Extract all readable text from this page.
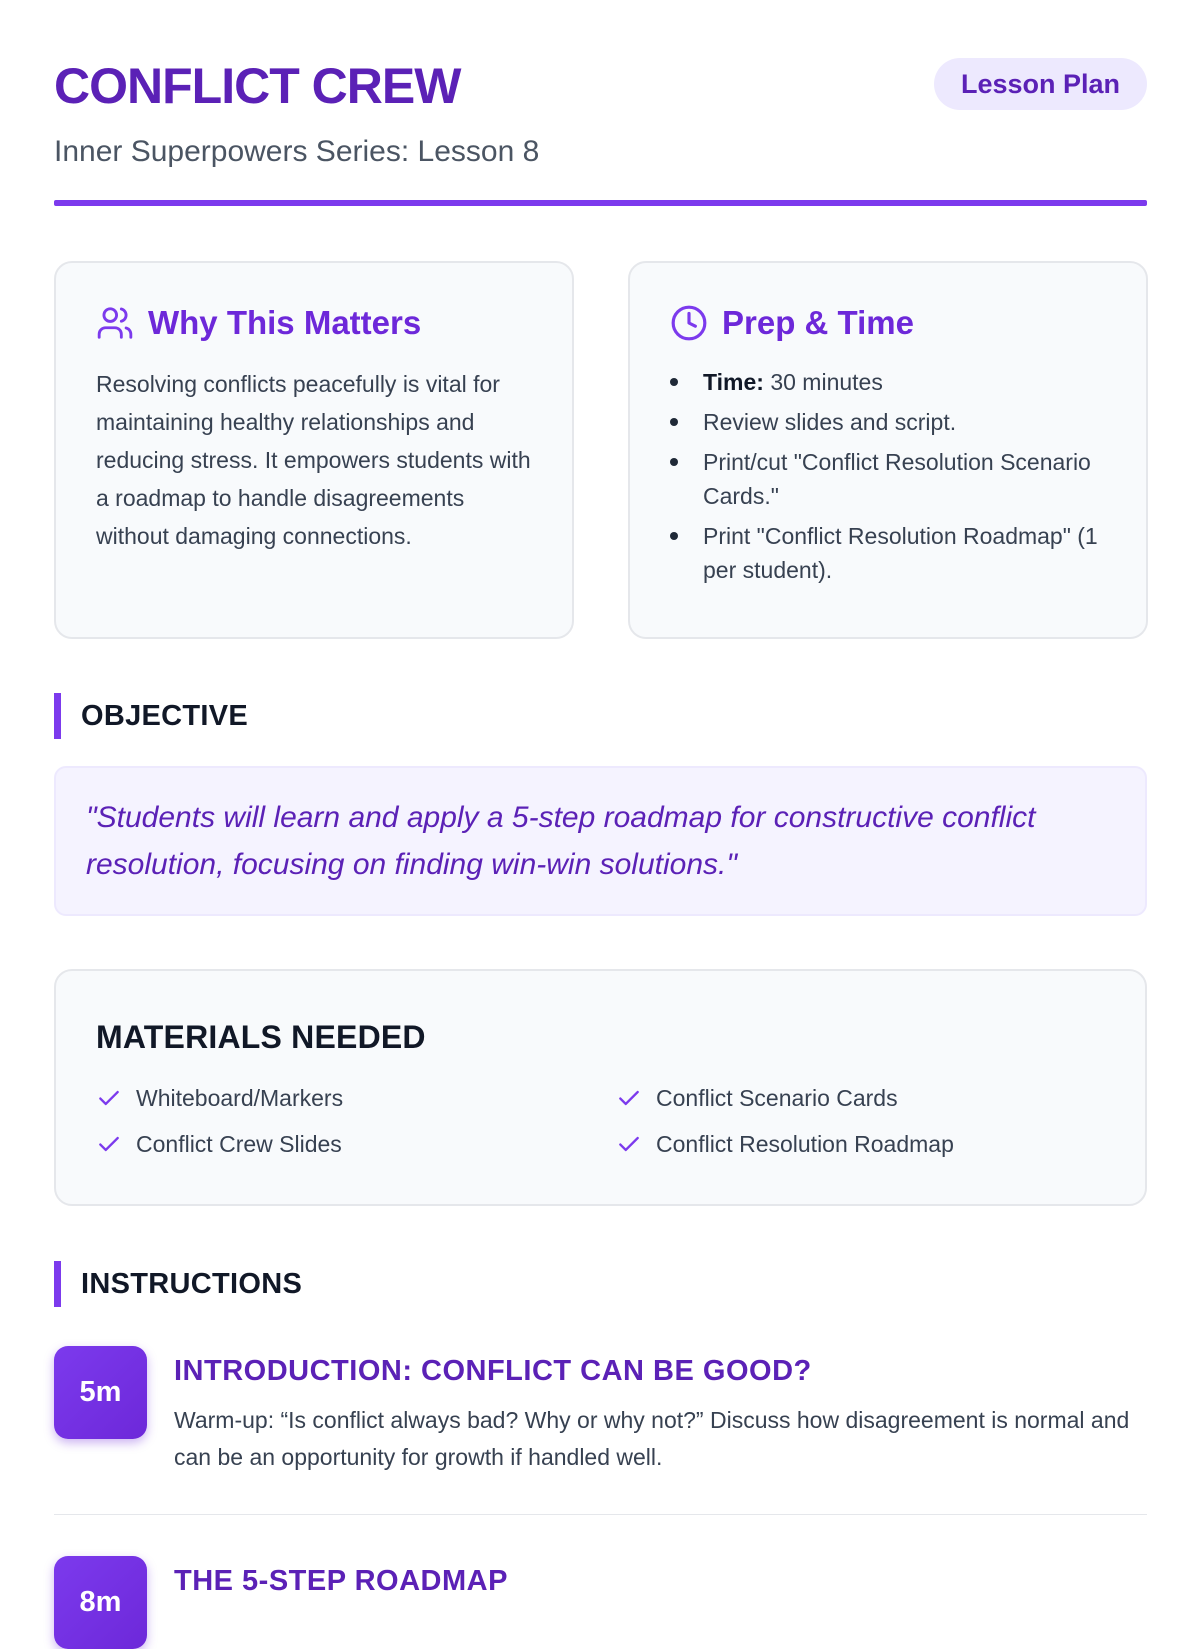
CONFLICT CREW
Inner Superpowers Series: Lesson 8
Lesson Plan
Why This Matters

Resolving conflicts peacefully is vital for maintaining healthy relationships and reducing stress. It empowers students with a roadmap to handle disagreements without damaging connections.

Prep & Time
Time: 30 minutes
Review slides and script.
Print/cut "Conflict Resolution Scenario Cards."
Print "Conflict Resolution Roadmap" (1 per student).
OBJECTIVE
"Students will learn and apply a 5-step roadmap for constructive conflict resolution, focusing on finding win-win solutions."
MATERIALS NEEDED
Whiteboard/Markers	Conflict Scenario Cards
Conflict Crew Slides	Conflict Resolution Roadmap
INSTRUCTIONS
5m
INTRODUCTION: CONFLICT CAN BE GOOD?
Warm-up: “Is conflict always bad? Why or why not?” Discuss how disagreement is normal and can be an opportunity for growth if handled well.
8m
THE 5-STEP ROADMAP
